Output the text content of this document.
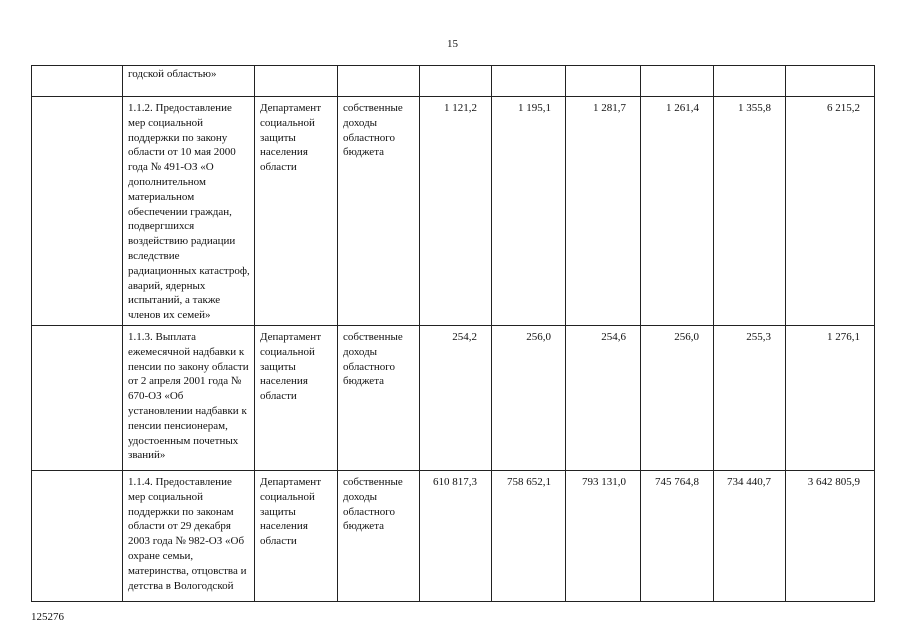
15

	годской областью»								

	1.1.2. Предоставление мер социальной поддержки по закону области от 10 мая 2000 года № 491-ОЗ «О дополнительном материальном обеспечении граждан, подвергшихся воздействию радиации вследствие радиационных катастроф, аварий, ядерных испытаний, а также членов их семей»	Департамент социальной защиты населения области	собственные доходы областного бюджета	1 121,2	1 195,1	1 281,7	1 261,4	1 355,8	6 215,2

	1.1.3. Выплата ежемесячной надбавки к пенсии по закону области от 2 апреля 2001 года № 670-ОЗ «Об установлении надбавки к пенсии пенсионерам, удостоенным почетных званий»	Департамент социальной защиты населения области	собственные доходы областного бюджета	254,2	256,0	254,6	256,0	255,3	1 276,1

	1.1.4. Предоставление мер социальной поддержки по законам области от 29 декабря 2003 года № 982-ОЗ «Об охране семьи, материнства, отцовства и детства в Вологодской	Департамент социальной защиты населения области	собственные доходы областного бюджета	610 817,3	758 652,1	793 131,0	745 764,8	734 440,7	3 642 805,9
125276
